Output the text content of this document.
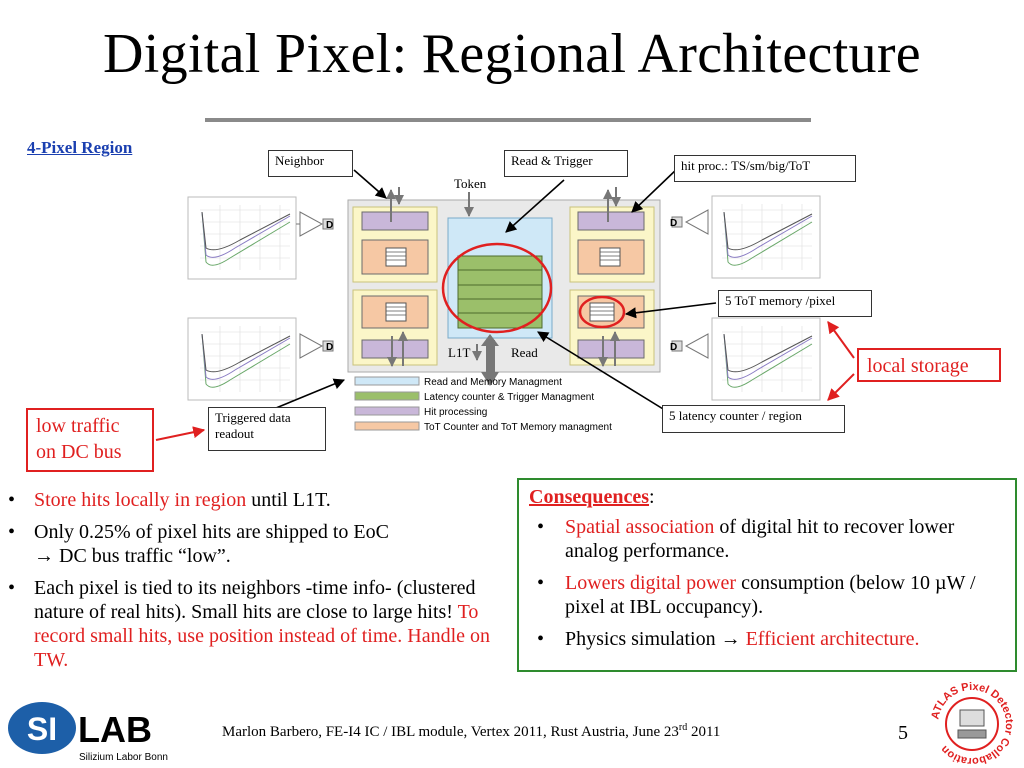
Digital Pixel: Regional Architecture
4-Pixel Region
D
D
D
D
Read and Memory Managment
Latency counter & Trigger Managment
Hit processing
ToT Counter and ToT Memory managment
Token
L1T	Read
Neighbor	Read & Trigger	hit proc.: TS/sm/big/ToT
5 ToT memory /pixel
5 latency counter / region
Triggered data
readout
local storage
low traffic
on DC bus
• Store hits locally in region until L1T.
• Only 0.25% of pixel hits are shipped to EoC
→ DC bus traffic “low”.
• Each pixel is tied to its neighbors -time info- (clustered nature of real hits). Small hits are close to large hits! To record small hits, use position instead of time. Handle on TW.
Consequences:
• Spatial association of digital hit to recover lower analog performance.
• Lowers digital power consumption (below 10 µW / pixel at IBL occupancy).
• Physics simulation → Efficient architecture.
SI LAB
Silizium Labor Bonn
Marlon Barbero, FE-I4 IC / IBL module, Vertex 2011, Rust Austria, June 23rd 2011	5
ATLAS Pixel Detector Collaboration
